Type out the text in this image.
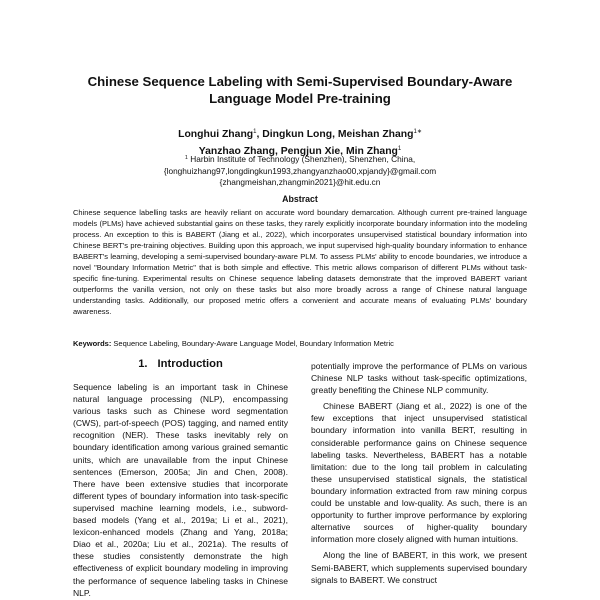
Chinese Sequence Labeling with Semi-Supervised Boundary-Aware
Language Model Pre-training
Longhui Zhang$^1$, Dingkun Long, Meishan Zhang$^{1∗}$
Yanzhao Zhang, Pengjun Xie, Min Zhang$^1$
$^1$ Harbin Institute of Technology (Shenzhen), Shenzhen, China,
{longhuizhang97,longdingkun1993,zhangyanzhao00,xpjandy}@gmail.com
{zhangmeishan,zhangmin2021}@hit.edu.cn
Abstract
Chinese sequence labelling tasks are heavily reliant on accurate word boundary demarcation. Although current pre-trained language models (PLMs) have achieved substantial gains on these tasks, they rarely explicitly incorporate boundary information into the modeling process. An exception to this is BABERT (Jiang et al., 2022), which incorporates unsupervised statistical boundary information into Chinese BERT's pre-training objectives. Building upon this approach, we input supervised high-quality boundary information to enhance BABERT's learning, developing a semi-supervised boundary-aware PLM. To assess PLMs' ability to encode boundaries, we introduce a novel "Boundary Information Metric" that is both simple and effective. This metric allows comparison of different PLMs without task-specific fine-tuning. Experimental results on Chinese sequence labeling datasets demonstrate that the improved BABERT variant outperforms the vanilla version, not only on these tasks but also more broadly across a range of Chinese natural language understanding tasks. Additionally, our proposed metric offers a convenient and accurate means of evaluating PLMs' boundary awareness.
Keywords: Sequence Labeling, Boundary-Aware Language Model, Boundary Information Metric
1. Introduction

Sequence labeling is an important task in Chinese natural language processing (NLP), encompassing various tasks such as Chinese word segmentation (CWS), part-of-speech (POS) tagging, and named entity recognition (NER). These tasks inevitably rely on boundary identification among various grained semantic units, which are unavailable from the input Chinese sentences (Emerson, 2005a; Jin and Chen, 2008). There have been extensive studies that incorporate different types of boundary information into task-specific supervised machine learning models, i.e., subword-based models (Yang et al., 2019a; Li et al., 2021), lexicon-enhanced models (Zhang and Yang, 2018a; Diao et al., 2020a; Liu et al., 2021a). The results of these studies consistently demonstrate the high effectiveness of explicit boundary modeling in improving the performance of sequence labeling tasks in Chinese NLP.

potentially improve the performance of PLMs on various Chinese NLP tasks without task-specific optimizations, greatly benefiting the Chinese NLP community.

Chinese BABERT (Jiang et al., 2022) is one of the few exceptions that inject unsupervised statistical boundary information into vanilla BERT, resulting in considerable performance gains on Chinese sequence labeling tasks. Nevertheless, BABERT has a notable limitation: due to the long tail problem in calculating these unsupervised statistical signals, the statistical boundary information extracted from raw mining corpus could be unstable and low-quality. As such, there is an opportunity to further improve performance by exploring alternative sources of higher-quality boundary information more closely aligned with human intuitions.

Along the line of BABERT, in this work, we present Semi-BABERT, which supplements supervised boundary signals to BABERT. We construct
